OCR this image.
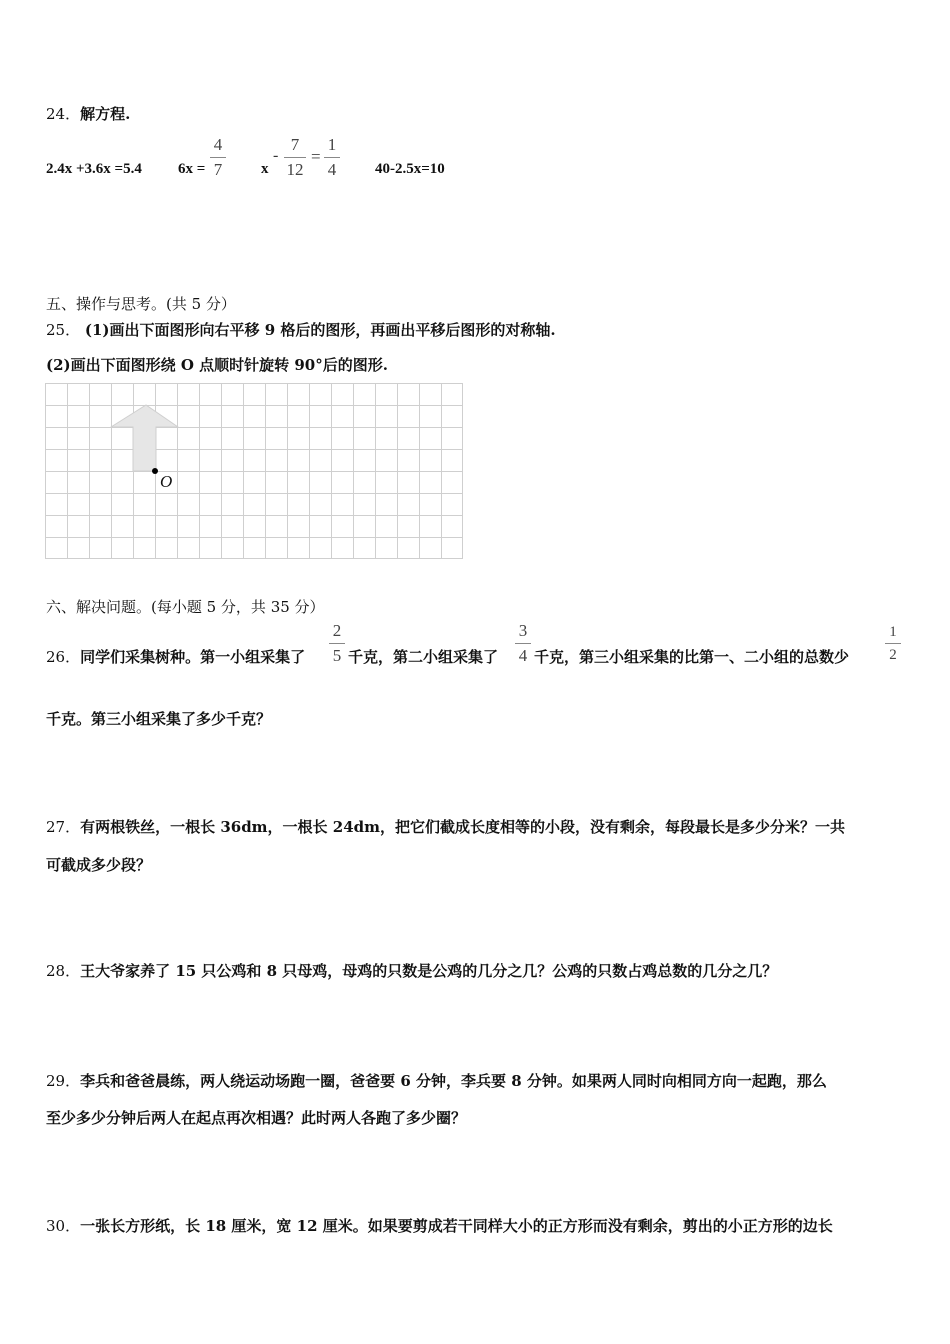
24．解方程.
2.4x +3.6x =5.4 6x =
4
7	x
-
7
12
=
1
4	40-2.5x=10
五、操作与思考。(共 5 分）
25． (1)画出下面图形向右平移 9 格后的图形，再画出平移后图形的对称轴.
(2)画出下面图形绕 O 点顺时针旋转 90°后的图形.
O
六、解决问题。(每小题 5 分，共 35 分）
26．同学们采集树种。第一小组采集了
2
5 千克，第二小组采集了
3
4 千克，第三小组采集的比第一、二小组的总数少
1
2
千克。第三小组采集了多少千克？
27．有两根铁丝，一根长 36dm，一根长 24dm，把它们截成长度相等的小段，没有剩余，每段最长是多少分米？一共
可截成多少段？
28．王大爷家养了 15 只公鸡和 8 只母鸡，母鸡的只数是公鸡的几分之几？公鸡的只数占鸡总数的几分之几？
29．李兵和爸爸晨练，两人绕运动场跑一圈，爸爸要 6 分钟，李兵要 8 分钟。如果两人同时向相同方向一起跑，那么
至少多少分钟后两人在起点再次相遇？此时两人各跑了多少圈？
30．一张长方形纸，长 18 厘米，宽 12 厘米。如果要剪成若干同样大小的正方形而没有剩余，剪出的小正方形的边长
